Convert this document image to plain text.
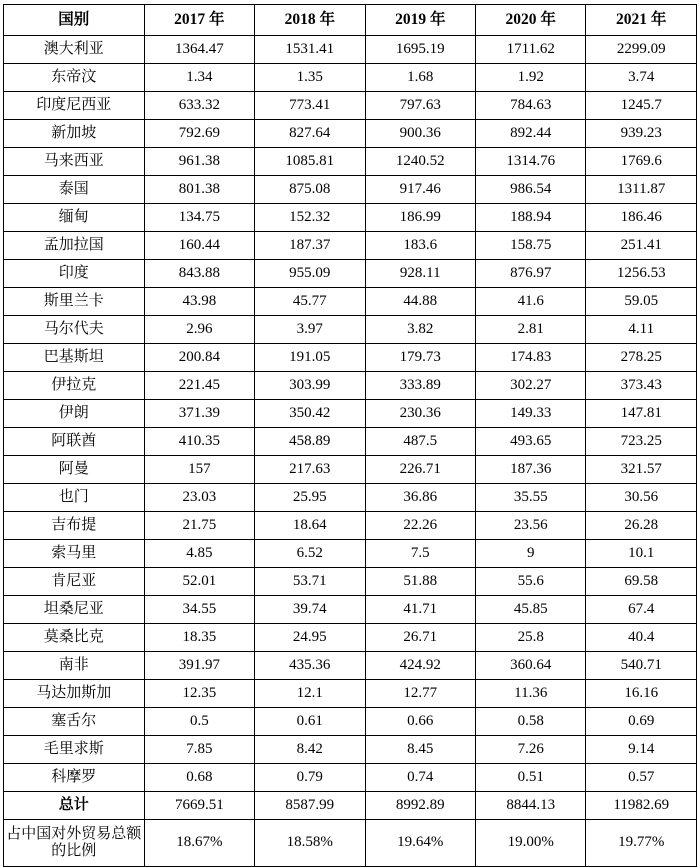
国别	2017 年	2018 年	2019 年	2020 年	2021 年
澳大利亚	1364.47	1531.41	1695.19	1711.62	2299.09
东帝汶	1.34	1.35	1.68	1.92	3.74
印度尼西亚	633.32	773.41	797.63	784.63	1245.7
新加坡	792.69	827.64	900.36	892.44	939.23
马来西亚	961.38	1085.81	1240.52	1314.76	1769.6
泰国	801.38	875.08	917.46	986.54	1311.87
缅甸	134.75	152.32	186.99	188.94	186.46
孟加拉国	160.44	187.37	183.6	158.75	251.41
印度	843.88	955.09	928.11	876.97	1256.53
斯里兰卡	43.98	45.77	44.88	41.6	59.05
马尔代夫	2.96	3.97	3.82	2.81	4.11
巴基斯坦	200.84	191.05	179.73	174.83	278.25
伊拉克	221.45	303.99	333.89	302.27	373.43
伊朗	371.39	350.42	230.36	149.33	147.81
阿联酋	410.35	458.89	487.5	493.65	723.25
阿曼	157	217.63	226.71	187.36	321.57
也门	23.03	25.95	36.86	35.55	30.56
吉布提	21.75	18.64	22.26	23.56	26.28
索马里	4.85	6.52	7.5	9	10.1
肯尼亚	52.01	53.71	51.88	55.6	69.58
坦桑尼亚	34.55	39.74	41.71	45.85	67.4
莫桑比克	18.35	24.95	26.71	25.8	40.4
南非	391.97	435.36	424.92	360.64	540.71
马达加斯加	12.35	12.1	12.77	11.36	16.16
塞舌尔	0.5	0.61	0.66	0.58	0.69
毛里求斯	7.85	8.42	8.45	7.26	9.14
科摩罗	0.68	0.79	0.74	0.51	0.57
总计	7669.51	8587.99	8992.89	8844.13	11982.69
占中国对外贸易总额的比例	18.67%	18.58%	19.64%	19.00%	19.77%
